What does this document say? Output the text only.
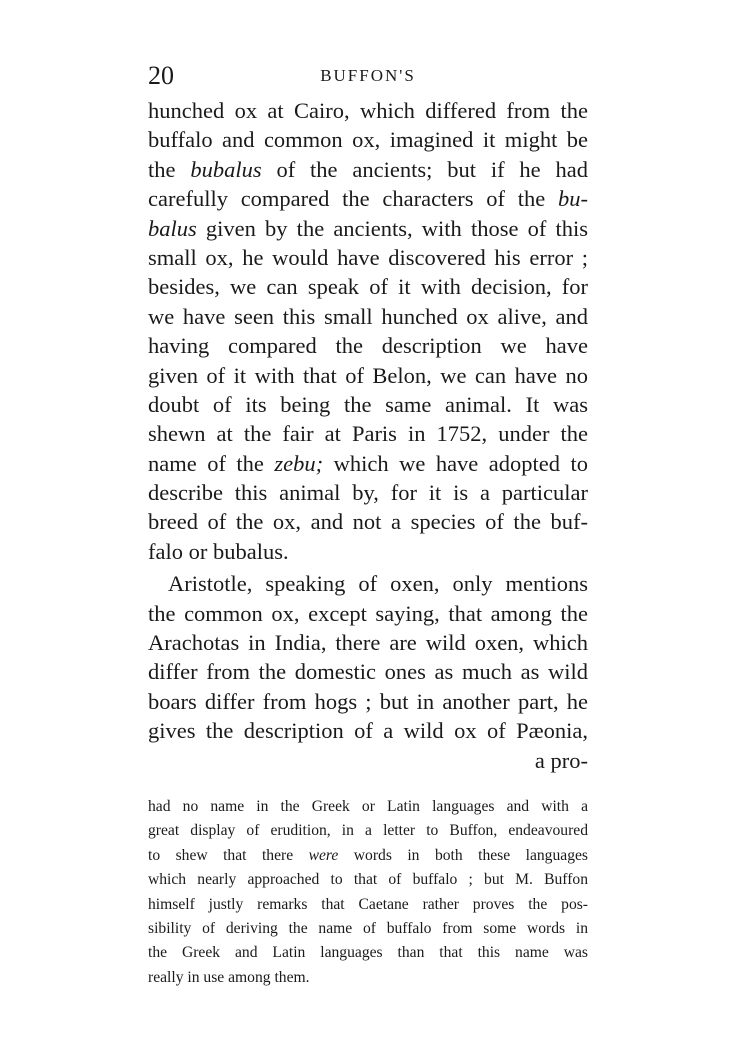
20	BUFFON'S
hunched ox at Cairo, which differed from the
buffalo and common ox, imagined it might be
the bubalus of the ancients; but if he had
carefully compared the characters of the bu-
balus given by the ancients, with those of this
small ox, he would have discovered his error ;
besides, we can speak of it with decision, for
we have seen this small hunched ox alive, and
having compared the description we have
given of it with that of Belon, we can have no
doubt of its being the same animal. It was
shewn at the fair at Paris in 1752, under the
name of the zebu; which we have adopted to
describe this animal by, for it is a particular
breed of the ox, and not a species of the buf-
falo or bubalus.
Aristotle, speaking of oxen, only mentions
the common ox, except saying, that among the
Arachotas in India, there are wild oxen, which
differ from the domestic ones as much as wild
boars differ from hogs ; but in another part, he
gives the description of a wild ox of Pæonia,
a pro-
had no name in the Greek or Latin languages and with a
great display of erudition, in a letter to Buffon, endeavoured
to shew that there were words in both these languages
which nearly approached to that of buffalo ; but M. Buffon
himself justly remarks that Caetane rather proves the pos-
sibility of deriving the name of buffalo from some words in
the Greek and Latin languages than that this name was
really in use among them.
